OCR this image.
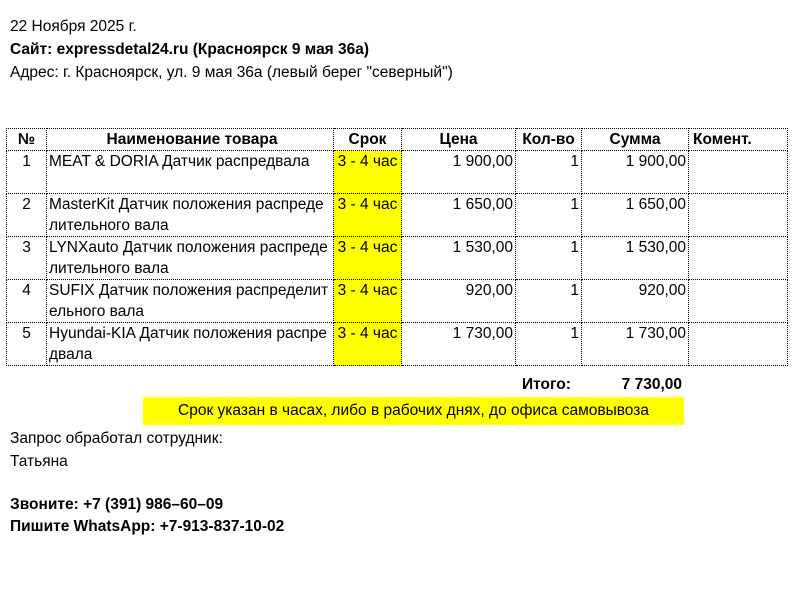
22 Ноября 2025 г.
Сайт: expressdetal24.ru (Красноярск 9 мая 36а)
Адрес: г. Красноярск, ул. 9 мая 36а (левый берег "северный")
№	Наименование товара	Срок	Цена	Кол-во	Сумма	Комент.
1	MEAT & DORIA Датчик распредвала	3 - 4 час	1 900,00	1	1 900,00	
2	MasterKit Датчик положения распределительного вала	3 - 4 час	1 650,00	1	1 650,00	
3	LYNXauto Датчик положения распределительного вала	3 - 4 час	1 530,00	1	1 530,00	
4	SUFIX Датчик положения распределительного вала	3 - 4 час	920,00	1	920,00	
5	Hyundai-KIA Датчик положения распредвала	3 - 4 час	1 730,00	1	1 730,00	
Итого:	7 730,00
Срок указан в часах, либо в рабочих днях, до офиса самовывоза
Запрос обработал сотрудник:
Татьяна
Звоните: +7 (391) 986–60–09
Пишите WhatsApp: +7-913-837-10-02
